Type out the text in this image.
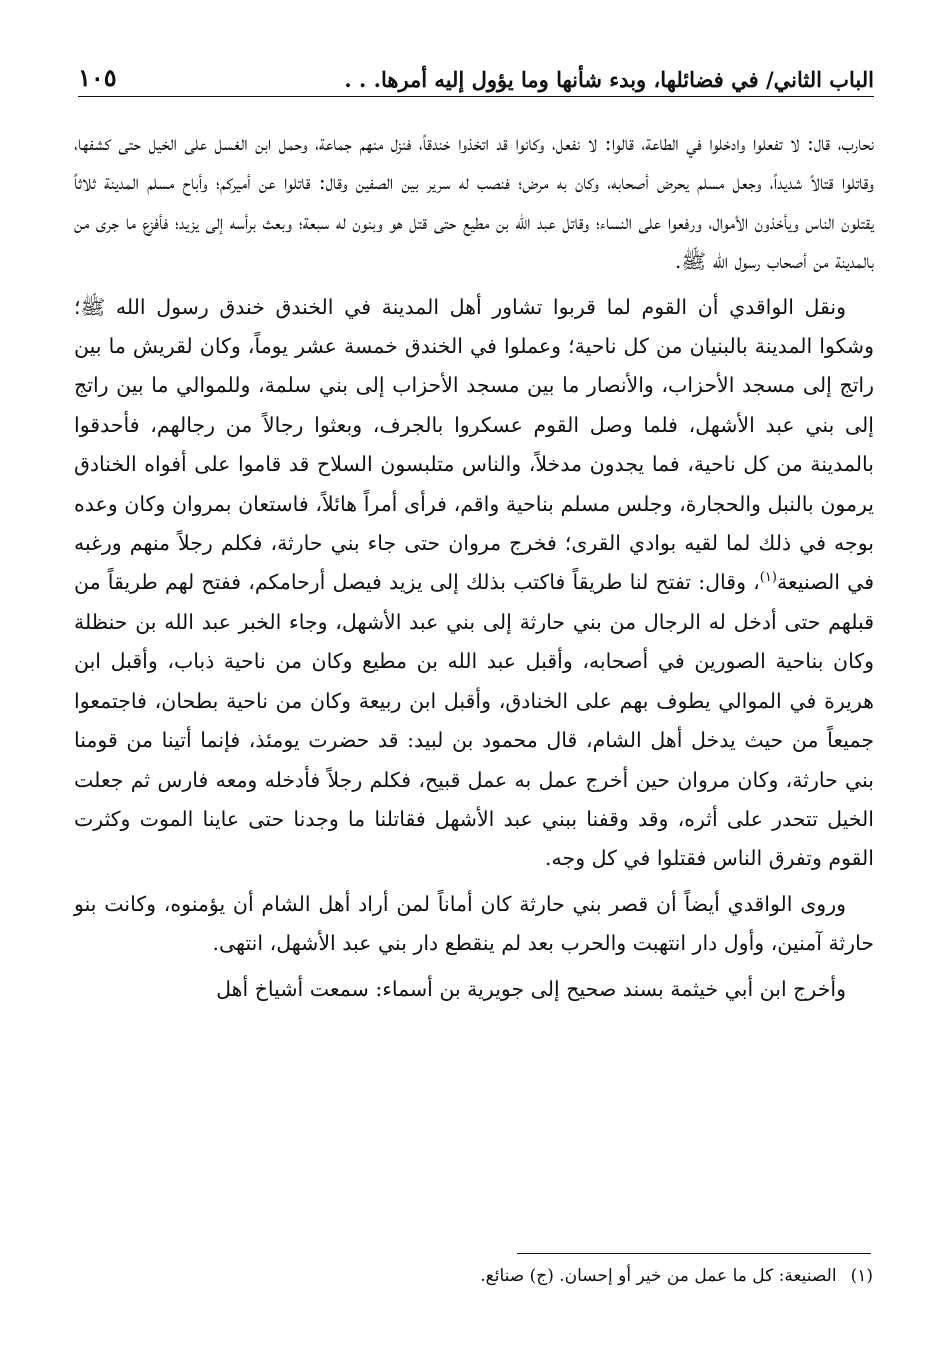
١٠٥	الباب الثاني/ في فضائلها، وبدء شأنها وما يؤول إليه أمرها. . .

نحارب، قال: لا تفعلوا وادخلوا في الطاعة، قالوا: لا نفعل، وكانوا قد اتخذوا خندقاً، فنزل منهم جماعة، وحمل ابن الغسل على الخيل حتى كشفها، وقاتلوا قتالاً شديداً، وجعل مسلم يحرض أصحابه، وكان به مرض؛ فنصب له سرير بين الصفين وقال: قاتلوا عن أميركم؛ وأباح مسلم المدينة ثلاثاً يقتلون الناس ويأخذون الأموال، ورفعوا على النساء؛ وقاتل عبد الله بن مطيع حتى قتل هو وبنون له سبعة؛ وبعث برأسه إلى يزيد؛ فأفزع ما جرى من بالمدينة من أصحاب رسول الله ﷺ.

ونقل الواقدي أن القوم لما قربوا تشاور أهل المدينة في الخندق خندق رسول الله ﷺ؛ وشكوا المدينة بالبنيان من كل ناحية؛ وعملوا في الخندق خمسة عشر يوماً، وكان لقريش ما بين راتج إلى مسجد الأحزاب، والأنصار ما بين مسجد الأحزاب إلى بني سلمة، وللموالي ما بين راتج إلى بني عبد الأشهل، فلما وصل القوم عسكروا بالجرف، وبعثوا رجالاً من رجالهم، فأحدقوا بالمدينة من كل ناحية، فما يجدون مدخلاً، والناس متلبسون السلاح قد قاموا على أفواه الخنادق يرمون بالنبل والحجارة، وجلس مسلم بناحية واقم، فرأى أمراً هائلاً، فاستعان بمروان وكان وعده بوجه في ذلك لما لقيه بوادي القرى؛ فخرج مروان حتى جاء بني حارثة، فكلم رجلاً منهم ورغبه في الصنيعة$^{(١)}$، وقال: تفتح لنا طريقاً فاكتب بذلك إلى يزيد فيصل أرحامكم، ففتح لهم طريقاً من قبلهم حتى أدخل له الرجال من بني حارثة إلى بني عبد الأشهل، وجاء الخبر عبد الله بن حنظلة وكان بناحية الصورين في أصحابه، وأقبل عبد الله بن مطيع وكان من ناحية ذباب، وأقبل ابن هريرة في الموالي يطوف بهم على الخنادق، وأقبل ابن ربيعة وكان من ناحية بطحان، فاجتمعوا جميعاً من حيث يدخل أهل الشام، قال محمود بن لبيد: قد حضرت يومئذ، فإنما أتينا من قومنا بني حارثة، وكان مروان حين أخرج عمل به عمل قبيح، فكلم رجلاً فأدخله ومعه فارس ثم جعلت الخيل تتحدر على أثره، وقد وقفنا ببني عبد الأشهل فقاتلنا ما وجدنا حتى عاينا الموت وكثرت القوم وتفرق الناس فقتلوا في كل وجه.

وروى الواقدي أيضاً أن قصر بني حارثة كان أماناً لمن أراد أهل الشام أن يؤمنوه، وكانت بنو حارثة آمنين، وأول دار انتهبت والحرب بعد لم ينقطع دار بني عبد الأشهل، انتهى.

وأخرج ابن أبي خيثمة بسند صحيح إلى جويرية بن أسماء: سمعت أشياخ أهل

(١)الصنيعة: كل ما عمل من خير أو إحسان. (ج) صنائع.
